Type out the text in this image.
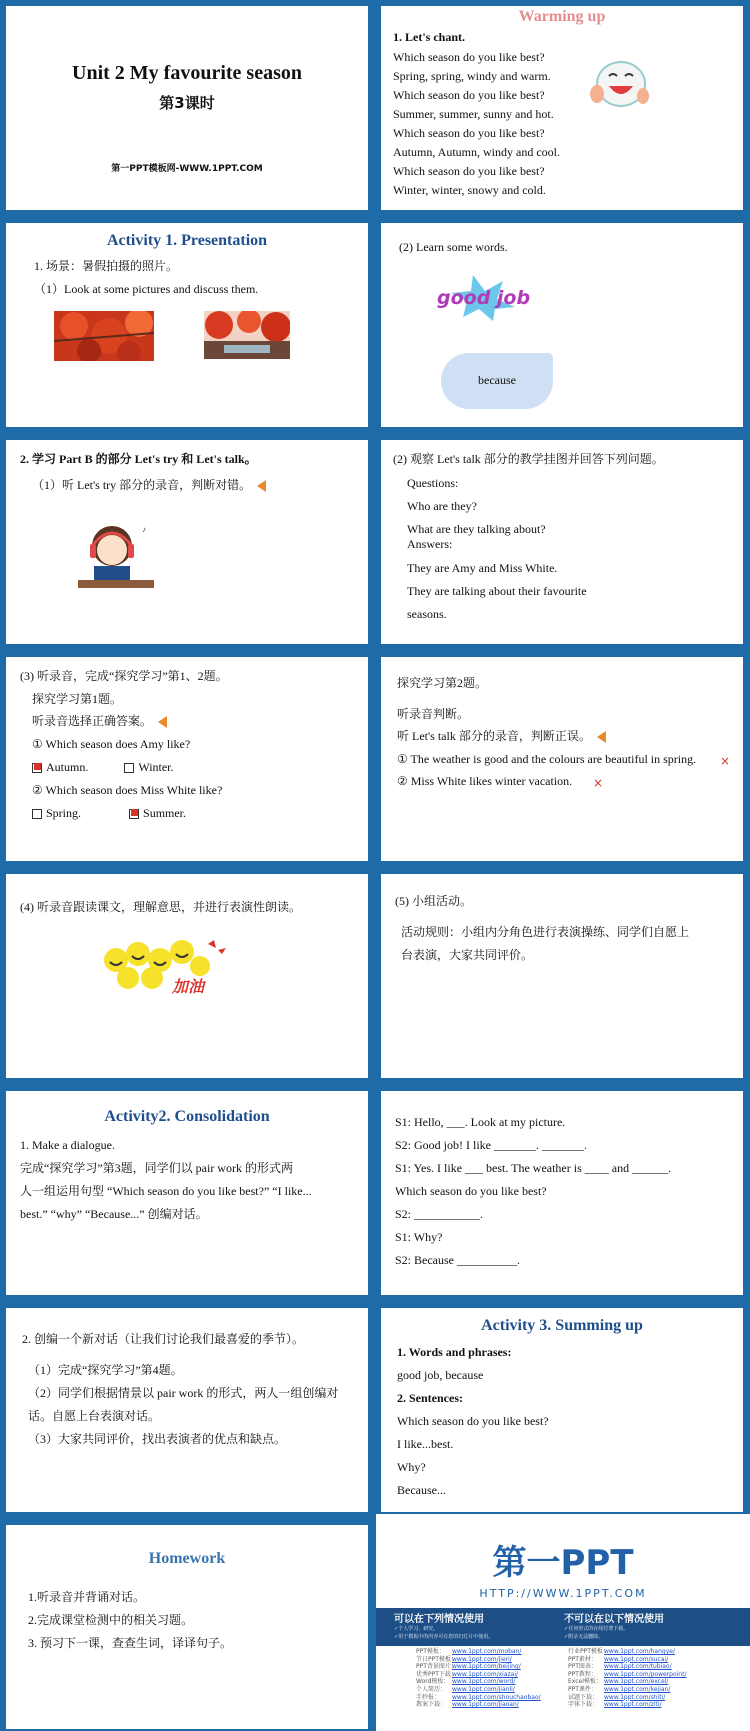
Unit 2 My favourite season
第3课时
第一PPT模板网-WWW.1PPT.COM
Warming up
1. Let's chant.
Which season do you like best?
Spring, spring, windy and warm.
Which season do you like best?
Summer, summer, sunny and hot.
Which season do you like best?
Autumn, Autumn, windy and cool.
Which season do you like best?
Winter, winter, snowy and cold.
Activity 1. Presentation
1. 场景：暑假拍摄的照片。
（1）Look at some pictures and discuss them.
(2) Learn some words.
good job
because
2. 学习 Part B 的部分 Let's try 和 Let's talk。
（1）听 Let's try 部分的录音，判断对错。
♪
(2) 观察 Let's talk 部分的教学挂图并回答下列问题。
Questions:
Who are they?
What are they talking about?
Answers:
They are Amy and Miss White.
They are talking about their favourite
seasons.
(3) 听录音，完成“探究学习”第1、2题。
探究学习第1题。
听录音选择正确答案。
① Which season does Amy like?
Autumn.	Winter.
② Which season does Miss White like?
Spring.	Summer.
探究学习第2题。
听录音判断。
听 Let's talk 部分的录音，判断正误。
① The weather is good and the colours are beautiful in spring. ×
② Miss White likes winter vacation. ×
(4) 听录音跟读课文，理解意思，并进行表演性朗读。
加油
(5) 小组活动。
活动规则：小组内分角色进行表演操练、同学们自愿上
台表演，大家共同评价。
Activity2. Consolidation
1. Make a dialogue.
完成“探究学习”第3题，同学们以 pair work 的形式两
人一组运用句型 “Which season do you like best?” “I like...
best.” “why” “Because...” 创编对话。
S1: Hello, ___. Look at my picture.
S2: Good job! I like _______. _______.
S1: Yes. I like ___ best. The weather is ____ and ______.
Which season do you like best?
S2: ___________.
S1: Why?
S2: Because __________.
2. 创编一个新对话（让我们讨论我们最喜爱的季节）。
（1）完成“探究学习”第4题。
（2）同学们根据情景以 pair work 的形式，两人一组创编对
话。自愿上台表演对话。
（3）大家共同评价，找出表演者的优点和缺点。
Activity 3. Summing up
1. Words and phrases:
good job, because
2. Sentences:
Which season do you like best?
I like...best.
Why?
Because...
Homework
1.听录音并背诵对话。
2.完成课堂检测中的相关习题。
3. 预习下一课，查查生词，译译句子。
第一PPT
HTTP://WWW.1PPT.COM
可以在下列情况使用	不可以在以下情况使用
✓个人学习、研究。
✓用于模板中的内容可在您的幻灯片中使用。
✓任何形式的在线付费下载。
✓附录无法删除。
PPT模板： www.1ppt.com/moban/
节日PPT模板：www.1ppt.com/jieri/
PPT背景图片：www.1ppt.com/beijing/
优秀PPT下载：www.1ppt.com/xiazai/
Word模板： www.1ppt.com/word/
个人简历： www.1ppt.com/jianli/
手抄报： www.1ppt.com/shouchaobao/
教案下载： www.1ppt.com/jiaoan/
行业PPT模板：www.1ppt.com/hangye/
PPT素材： www.1ppt.com/sucai/
PPT图表： www.1ppt.com/tubiao/
PPT教程： www.1ppt.com/powerpoint/
Excel模板： www.1ppt.com/excel/
PPT课件： www.1ppt.com/kejian/
试题下载： www.1ppt.com/shiti/
字体下载： www.1ppt.com/ziti/
